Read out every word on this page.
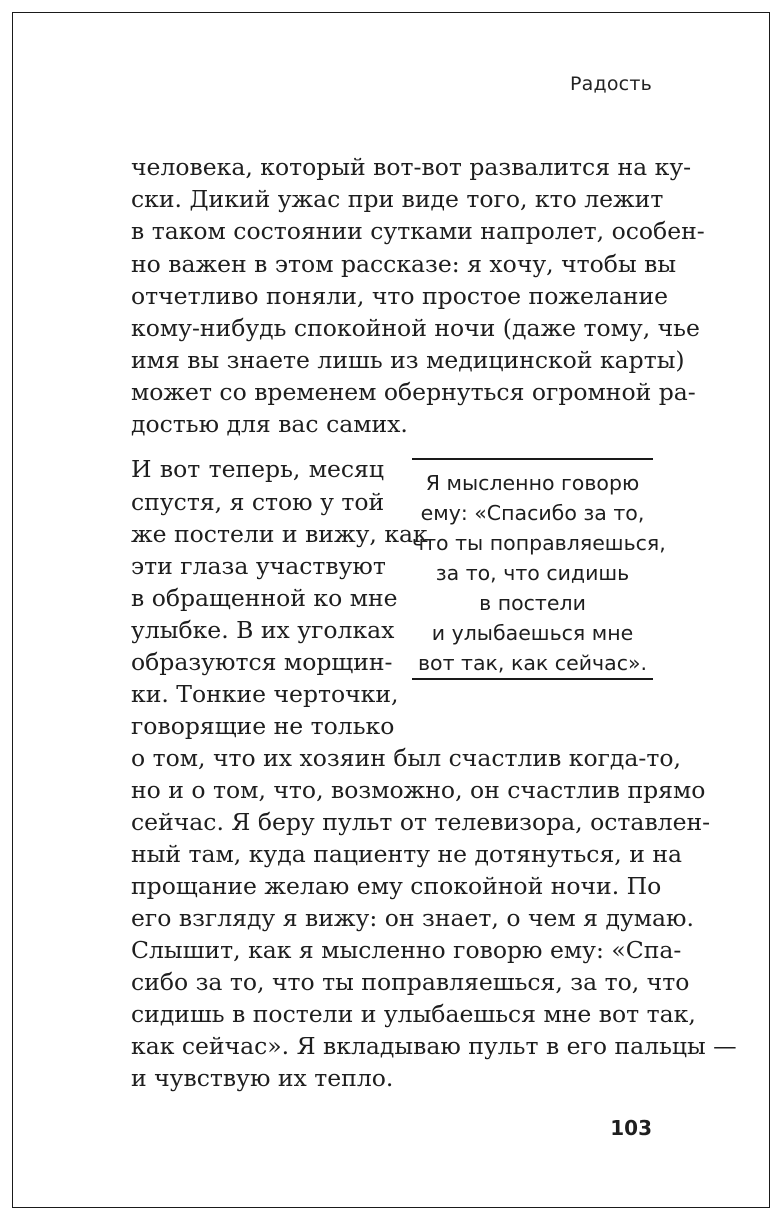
Радость
человека, который вот-вот развалится на ку-
ски. Дикий ужас при виде того, кто лежит
в таком состоянии сутками напролет, особен-
но важен в этом рассказе: я хочу, чтобы вы
отчетливо поняли, что простое пожелание
кому-нибудь спокойной ночи (даже тому, чье
имя вы знаете лишь из медицинской карты)
может со временем обернуться огромной ра-
достью для вас самих.
И вот теперь, месяц
спустя, я стою у той
же постели и вижу, как
эти глаза участвуют
в обращенной ко мне
улыбке. В их уголках
образуются морщин-
ки. Тонкие черточки,
говорящие не только
о том, что их хозяин был счастлив когда-то,
но и о том, что, возможно, он счастлив прямо
сейчас. Я беру пульт от телевизора, оставлен-
ный там, куда пациенту не дотянуться, и на
прощание желаю ему спокойной ночи. По
его взгляду я вижу: он знает, о чем я думаю.
Слышит, как я мысленно говорю ему: «Спа-
сибо за то, что ты поправляешься, за то, что
сидишь в постели и улыбаешься мне вот так,
как сейчас». Я вкладываю пульт в его пальцы —
и чувствую их тепло.
Я мысленно говорю
ему: «Спасибо за то,
что ты поправляешься,
за то, что сидишь
в постели
и улыбаешься мне
вот так, как сейчас».
103
